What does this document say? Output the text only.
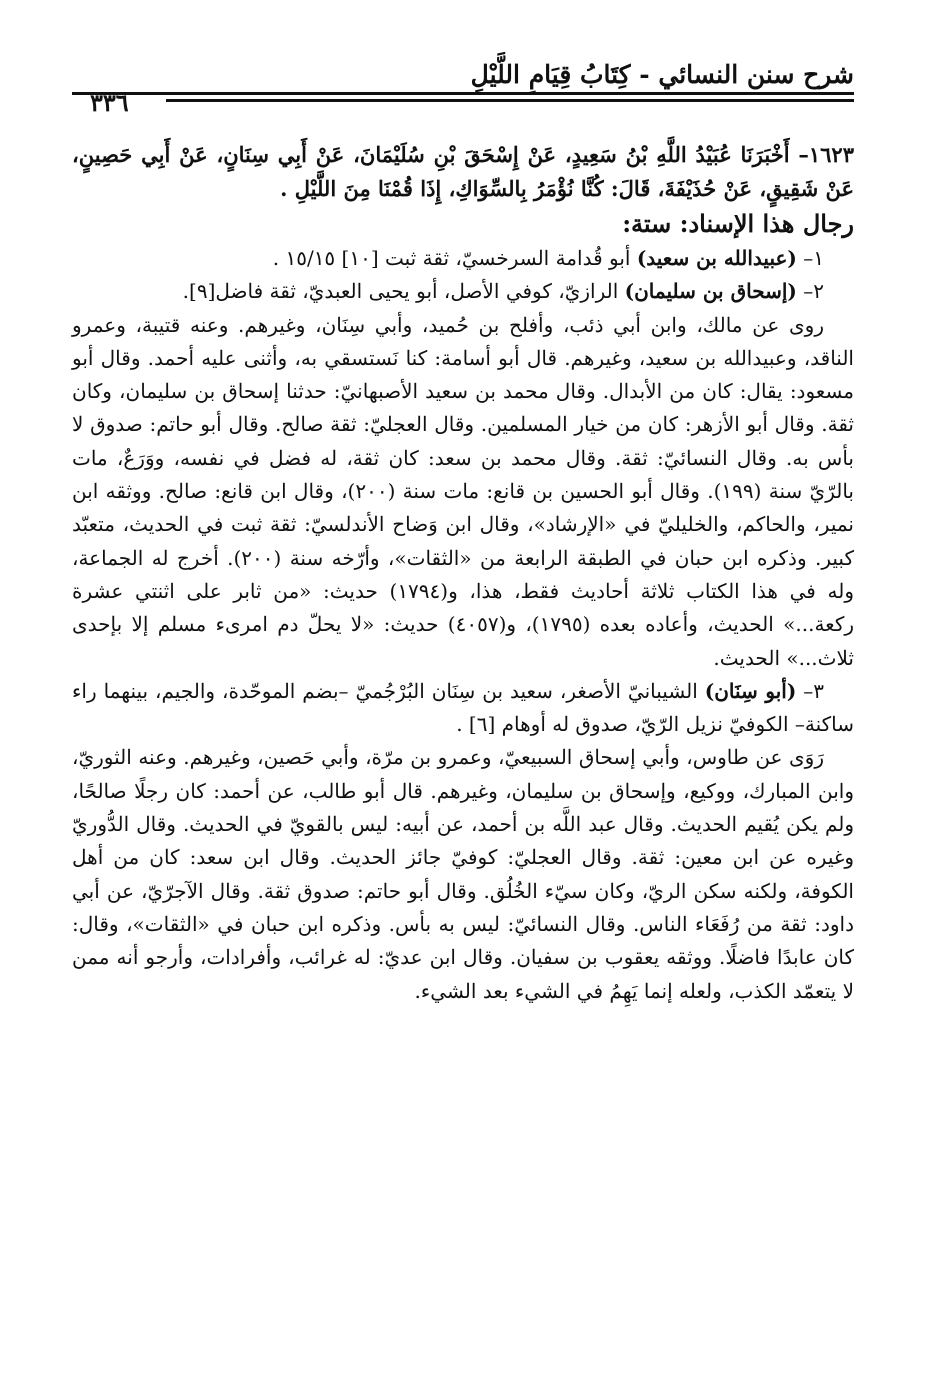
شرح سنن النسائي - كِتَابُ قِيَامِ اللَّيْلِ
٣٣٦

١٦٢٣– أَخْبَرَنَا عُبَيْدُ اللَّهِ بْنُ سَعِيدٍ، عَنْ إِسْحَقَ بْنِ سُلَيْمَانَ، عَنْ أَبِي سِنَانٍ، عَنْ أَبِي حَصِينٍ، عَنْ شَقِيقٍ، عَنْ حُذَيْفَةَ، قَالَ: كُنَّا نُؤْمَرُ بِالسِّوَاكِ، إِذَا قُمْنَا مِنَ اللَّيْلِ .

رجال هذا الإسناد: ستة:

١– (عبيدالله بن سعيد) أبو قُدامة السرخسيّ، ثقة ثبت [١٠] ١٥/١٥ .

٢– (إسحاق بن سليمان) الرازيّ، كوفي الأصل، أبو يحيى العبديّ، ثقة فاضل[٩].

روى عن مالك، وابن أبي ذئب، وأفلح بن حُميد، وأبي سِنَان، وغيرهم. وعنه قتيبة، وعمرو الناقد، وعبيدالله بن سعيد، وغيرهم. قال أبو أسامة: كنا نَستسقي به، وأثنى عليه أحمد. وقال أبو مسعود: يقال: كان من الأبدال. وقال محمد بن سعيد الأصبهانيّ: حدثنا إسحاق بن سليمان، وكان ثقة. وقال أبو الأزهر: كان من خيار المسلمين. وقال العجليّ: ثقة صالح. وقال أبو حاتم: صدوق لا بأس به. وقال النسائيّ: ثقة. وقال محمد بن سعد: كان ثقة، له فضل في نفسه، ووَرَعٌ، مات بالرّيّ سنة (١٩٩). وقال أبو الحسين بن قانع: مات سنة (٢٠٠)، وقال ابن قانع: صالح. ووثقه ابن نمير، والحاكم، والخليليّ في «الإرشاد»، وقال ابن وَضاح الأندلسيّ: ثقة ثبت في الحديث، متعبّد كبير. وذكره ابن حبان في الطبقة الرابعة من «الثقات»، وأرّخه سنة (٢٠٠). أخرج له الجماعة، وله في هذا الكتاب ثلاثة أحاديث فقط، هذا، و(١٧٩٤) حديث: «من ثابر على اثنتي عشرة ركعة...» الحديث، وأعاده بعده (١٧٩٥)، و(٤٠٥٧) حديث: «لا يحلّ دم امرىء مسلم إلا بإحدى ثلاث...» الحديث.

٣– (أبو سِنَان) الشيبانيّ الأصغر، سعيد بن سِنَان البُرْجُميّ –بضم الموحّدة، والجيم، بينهما راء ساكنة– الكوفيّ نزيل الرّيّ، صدوق له أوهام [٦] .

رَوَى عن طاوس، وأبي إسحاق السبيعيّ، وعمرو بن مرّة، وأبي حَصين، وغيرهم. وعنه الثوريّ، وابن المبارك، ووكيع، وإسحاق بن سليمان، وغيرهم. قال أبو طالب، عن أحمد: كان رجلًا صالحًا، ولم يكن يُقيم الحديث. وقال عبد اللَّه بن أحمد، عن أبيه: ليس بالقويّ في الحديث. وقال الدُّوريّ وغيره عن ابن معين: ثقة. وقال العجليّ: كوفيّ جائز الحديث. وقال ابن سعد: كان من أهل الكوفة، ولكنه سكن الريّ، وكان سيّء الخُلُق. وقال أبو حاتم: صدوق ثقة. وقال الآجرّيّ، عن أبي داود: ثقة من رُفَعَاء الناس. وقال النسائيّ: ليس به بأس. وذكره ابن حبان في «الثقات»، وقال: كان عابدًا فاضلًا. ووثقه يعقوب بن سفيان. وقال ابن عديّ: له غرائب، وأفرادات، وأرجو أنه ممن لا يتعمّد الكذب، ولعله إنما يَهِمُ في الشيء بعد الشيء.
